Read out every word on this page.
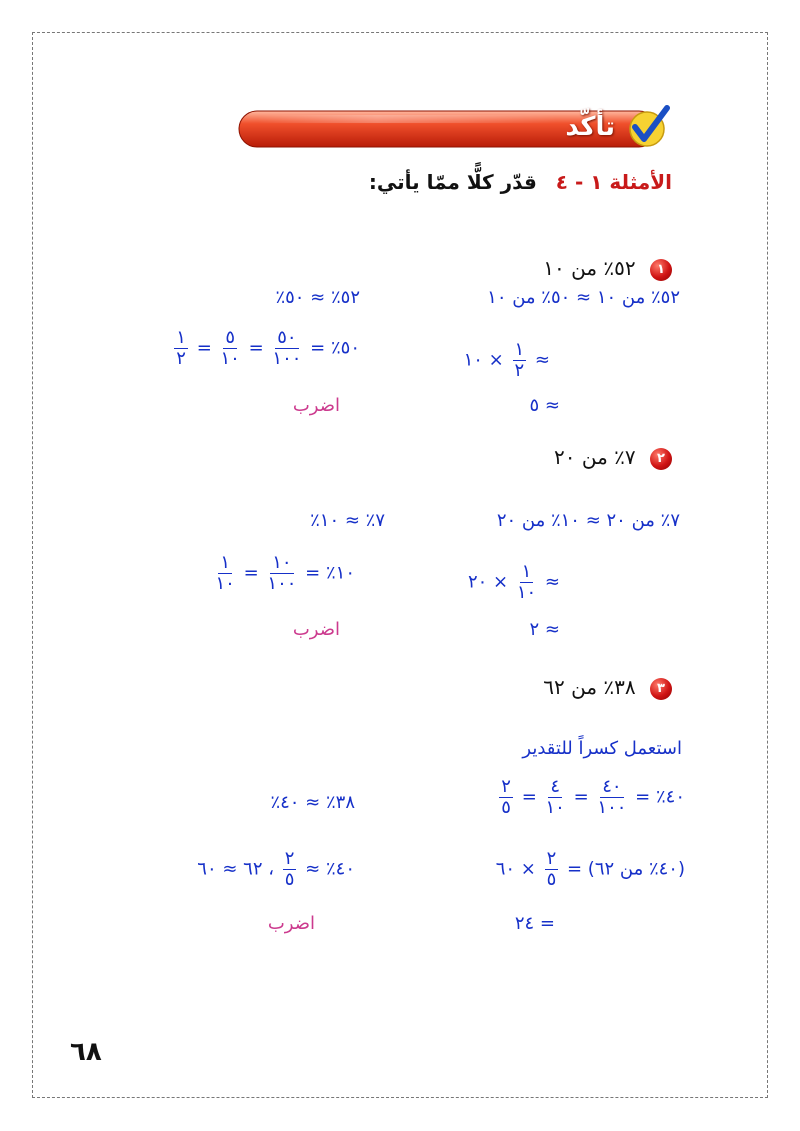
تأكّد
الأمثلة ١ - ٤ قدّر كلًّا ممّا يأتي:
١ ٥٢٪ من ١٠
٥٢٪ من ١٠ ≈ ٥٠٪ من ١٠
≈
$\frac{١}{٢}$
× ١٠
≈ ٥
٥٢٪ ≈ ٥٠٪
٥٠٪ =
$\frac{٥٠}{١٠٠}$
=
$\frac{٥}{١٠}$
=
$\frac{١}{٢}$
اضرب
٢ ٧٪ من ٢٠
٧٪ من ٢٠ ≈ ١٠٪ من ٢٠
≈
$\frac{١}{١٠}$
× ٢٠
≈ ٢
٧٪ ≈ ١٠٪
١٠٪ =
$\frac{١٠}{١٠٠}$
=
$\frac{١}{١٠}$
اضرب
٣ ٣٨٪ من ٦٢
استعمل كسراً للتقدير
٤٠٪ =
$\frac{٤٠}{١٠٠}$
=
$\frac{٤}{١٠}$
=
$\frac{٢}{٥}$
(٤٠٪ من ٦٢) =
$\frac{٢}{٥}$
× ٦٠
= ٢٤
٣٨٪ ≈ ٤٠٪
٤٠٪ ≈
$\frac{٢}{٥}$
، ٦٢ ≈ ٦٠
اضرب
٦٨
